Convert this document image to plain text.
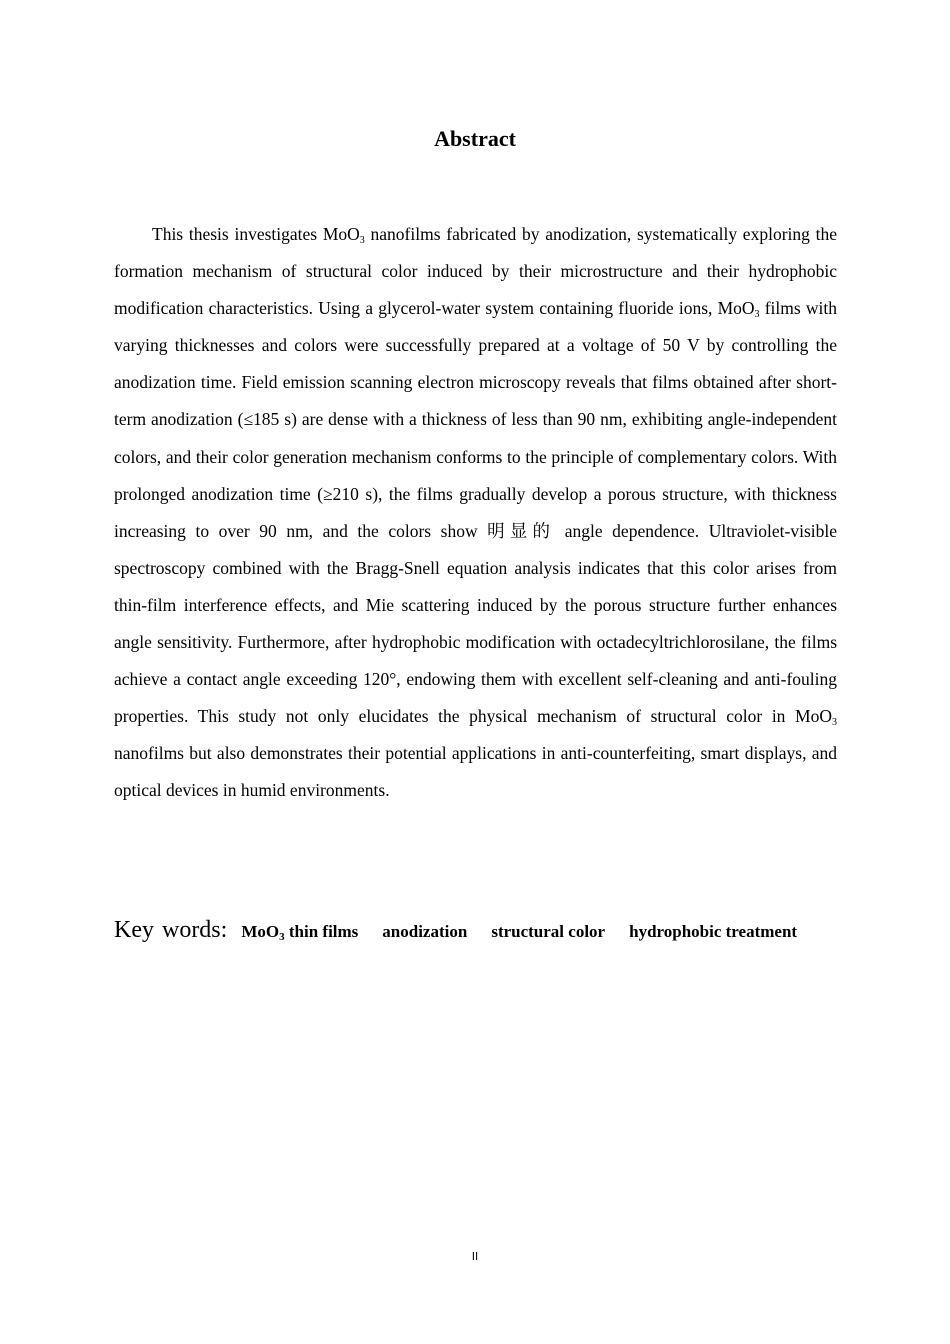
Abstract

This thesis investigates MoO$_3$ nanofilms fabricated by anodization, systematically exploring the formation mechanism of structural color induced by their microstructure and their hydrophobic modification characteristics. Using a glycerol-water system containing fluoride ions, MoO$_3$ films with varying thicknesses and colors were successfully prepared at a voltage of 50 V by controlling the anodization time. Field emission scanning electron microscopy reveals that films obtained after short-term anodization (≤185 s) are dense with a thickness of less than 90 nm, exhibiting angle-independent colors, and their color generation mechanism conforms to the principle of complementary colors. With prolonged anodization time (≥210 s), the films gradually develop a porous structure, with thickness increasing to over 90 nm, and the colors show 明显的 angle dependence. Ultraviolet-visible spectroscopy combined with the Bragg-Snell equation analysis indicates that this color arises from thin-film interference effects, and Mie scattering induced by the porous structure further enhances angle sensitivity. Furthermore, after hydrophobic modification with octadecyltrichlorosilane, the films achieve a contact angle exceeding 120°, endowing them with excellent self-cleaning and anti-fouling properties. This study not only elucidates the physical mechanism of structural color in MoO$_3$ nanofilms but also demonstrates their potential applications in anti-counterfeiting, smart displays, and optical devices in humid environments.

Key words: MoO$_3$ thin films anodization structural color hydrophobic treatment

II
